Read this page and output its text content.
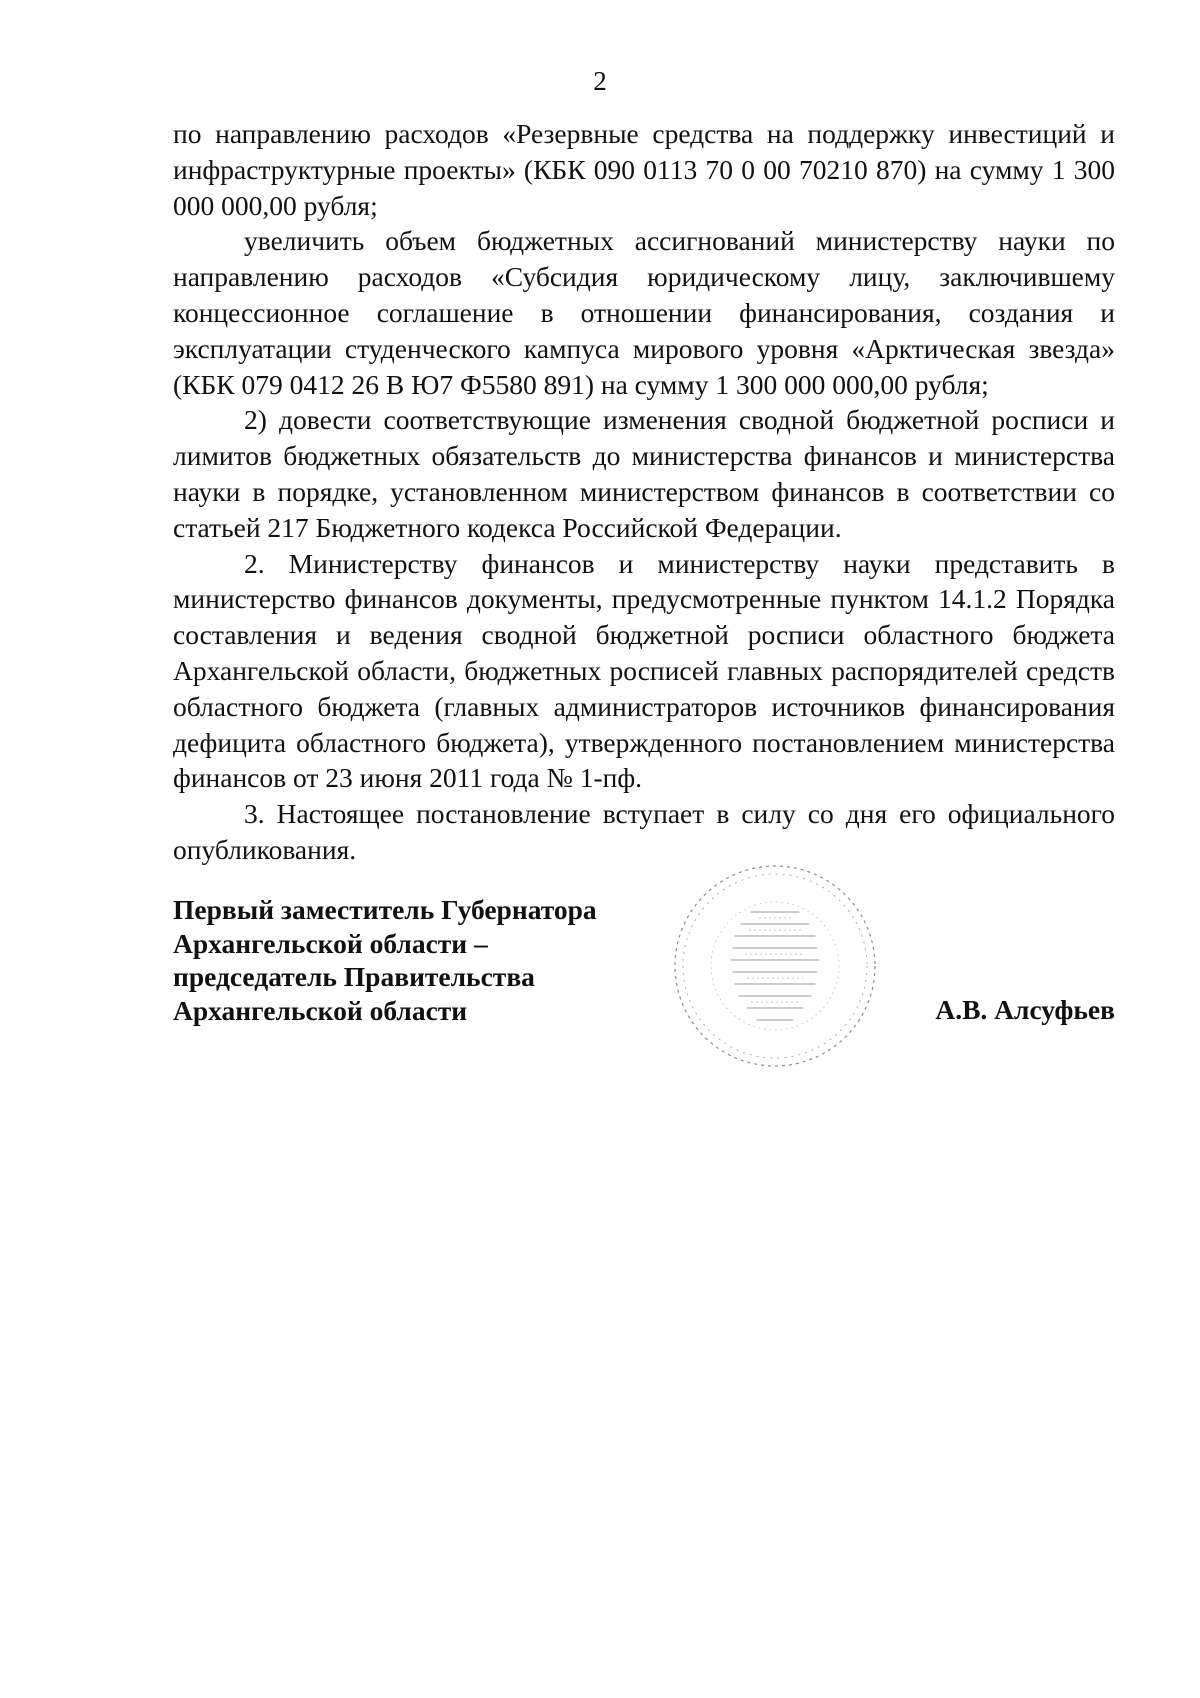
2

по направлению расходов «Резервные средства на поддержку инвестиций и инфраструктурные проекты» (КБК 090 0113 70 0 00 70210 870) на сумму 1 300 000 000,00 рубля;

увеличить объем бюджетных ассигнований министерству науки по направлению расходов «Субсидия юридическому лицу, заключившему концессионное соглашение в отношении финансирования, создания и эксплуатации студенческого кампуса мирового уровня «Арктическая звезда» (КБК 079 0412 26 В Ю7 Ф5580 891) на сумму 1 300 000 000,00 рубля;

2) довести соответствующие изменения сводной бюджетной росписи и лимитов бюджетных обязательств до министерства финансов и министерства науки в порядке, установленном министерством финансов в соответствии со статьей 217 Бюджетного кодекса Российской Федерации.

2. Министерству финансов и министерству науки представить в министерство финансов документы, предусмотренные пунктом 14.1.2 Порядка составления и ведения сводной бюджетной росписи областного бюджета Архангельской области, бюджетных росписей главных распорядителей средств областного бюджета (главных администраторов источников финансирования дефицита областного бюджета), утвержденного постановлением министерства финансов от 23 июня 2011 года № 1-пф.

3. Настоящее постановление вступает в силу со дня его официального опубликования.

Первый заместитель Губернатора
Архангельской области –
председатель Правительства
Архангельской области	А.В. Алсуфьев
